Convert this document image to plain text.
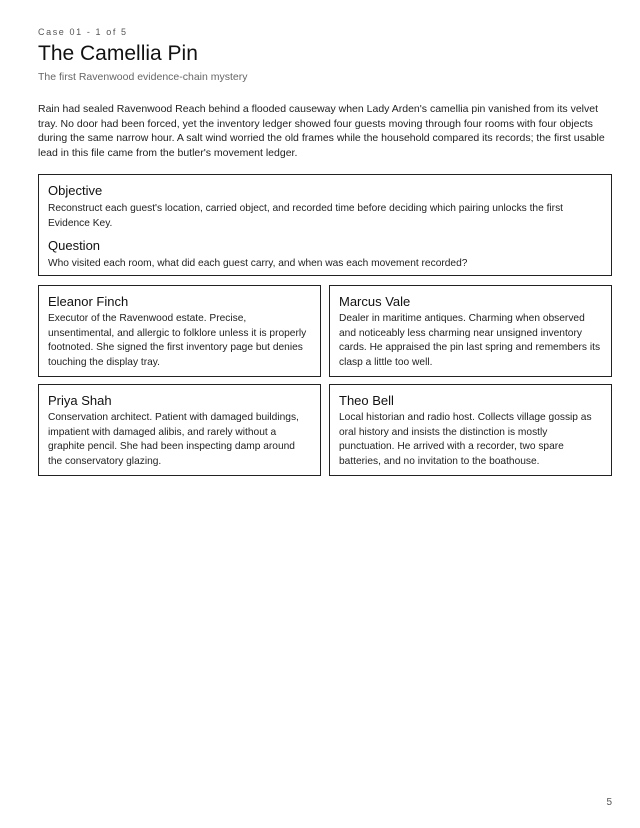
Case 01 - 1 of 5
The Camellia Pin
The first Ravenwood evidence-chain mystery

Rain had sealed Ravenwood Reach behind a flooded causeway when Lady Arden's camellia pin vanished from its velvet tray. No door had been forced, yet the inventory ledger showed four guests moving through four rooms with four objects during the same narrow hour. A salt wind worried the old frames while the household compared its records; the first usable lead in this file came from the butler's movement ledger.

Objective

Reconstruct each guest's location, carried object, and recorded time before deciding which pairing unlocks the first Evidence Key.

Question

Who visited each room, what did each guest carry, and when was each movement recorded?

Eleanor Finch

Executor of the Ravenwood estate. Precise, unsentimental, and allergic to folklore unless it is properly footnoted. She signed the first inventory page but denies touching the display tray.

Marcus Vale

Dealer in maritime antiques. Charming when observed and noticeably less charming near unsigned inventory cards. He appraised the pin last spring and remembers its clasp a little too well.

Priya Shah

Conservation architect. Patient with damaged buildings, impatient with damaged alibis, and rarely without a graphite pencil. She had been inspecting damp around the conservatory glazing.

Theo Bell

Local historian and radio host. Collects village gossip as oral history and insists the distinction is mostly punctuation. He arrived with a recorder, two spare batteries, and no invitation to the boathouse.

5
